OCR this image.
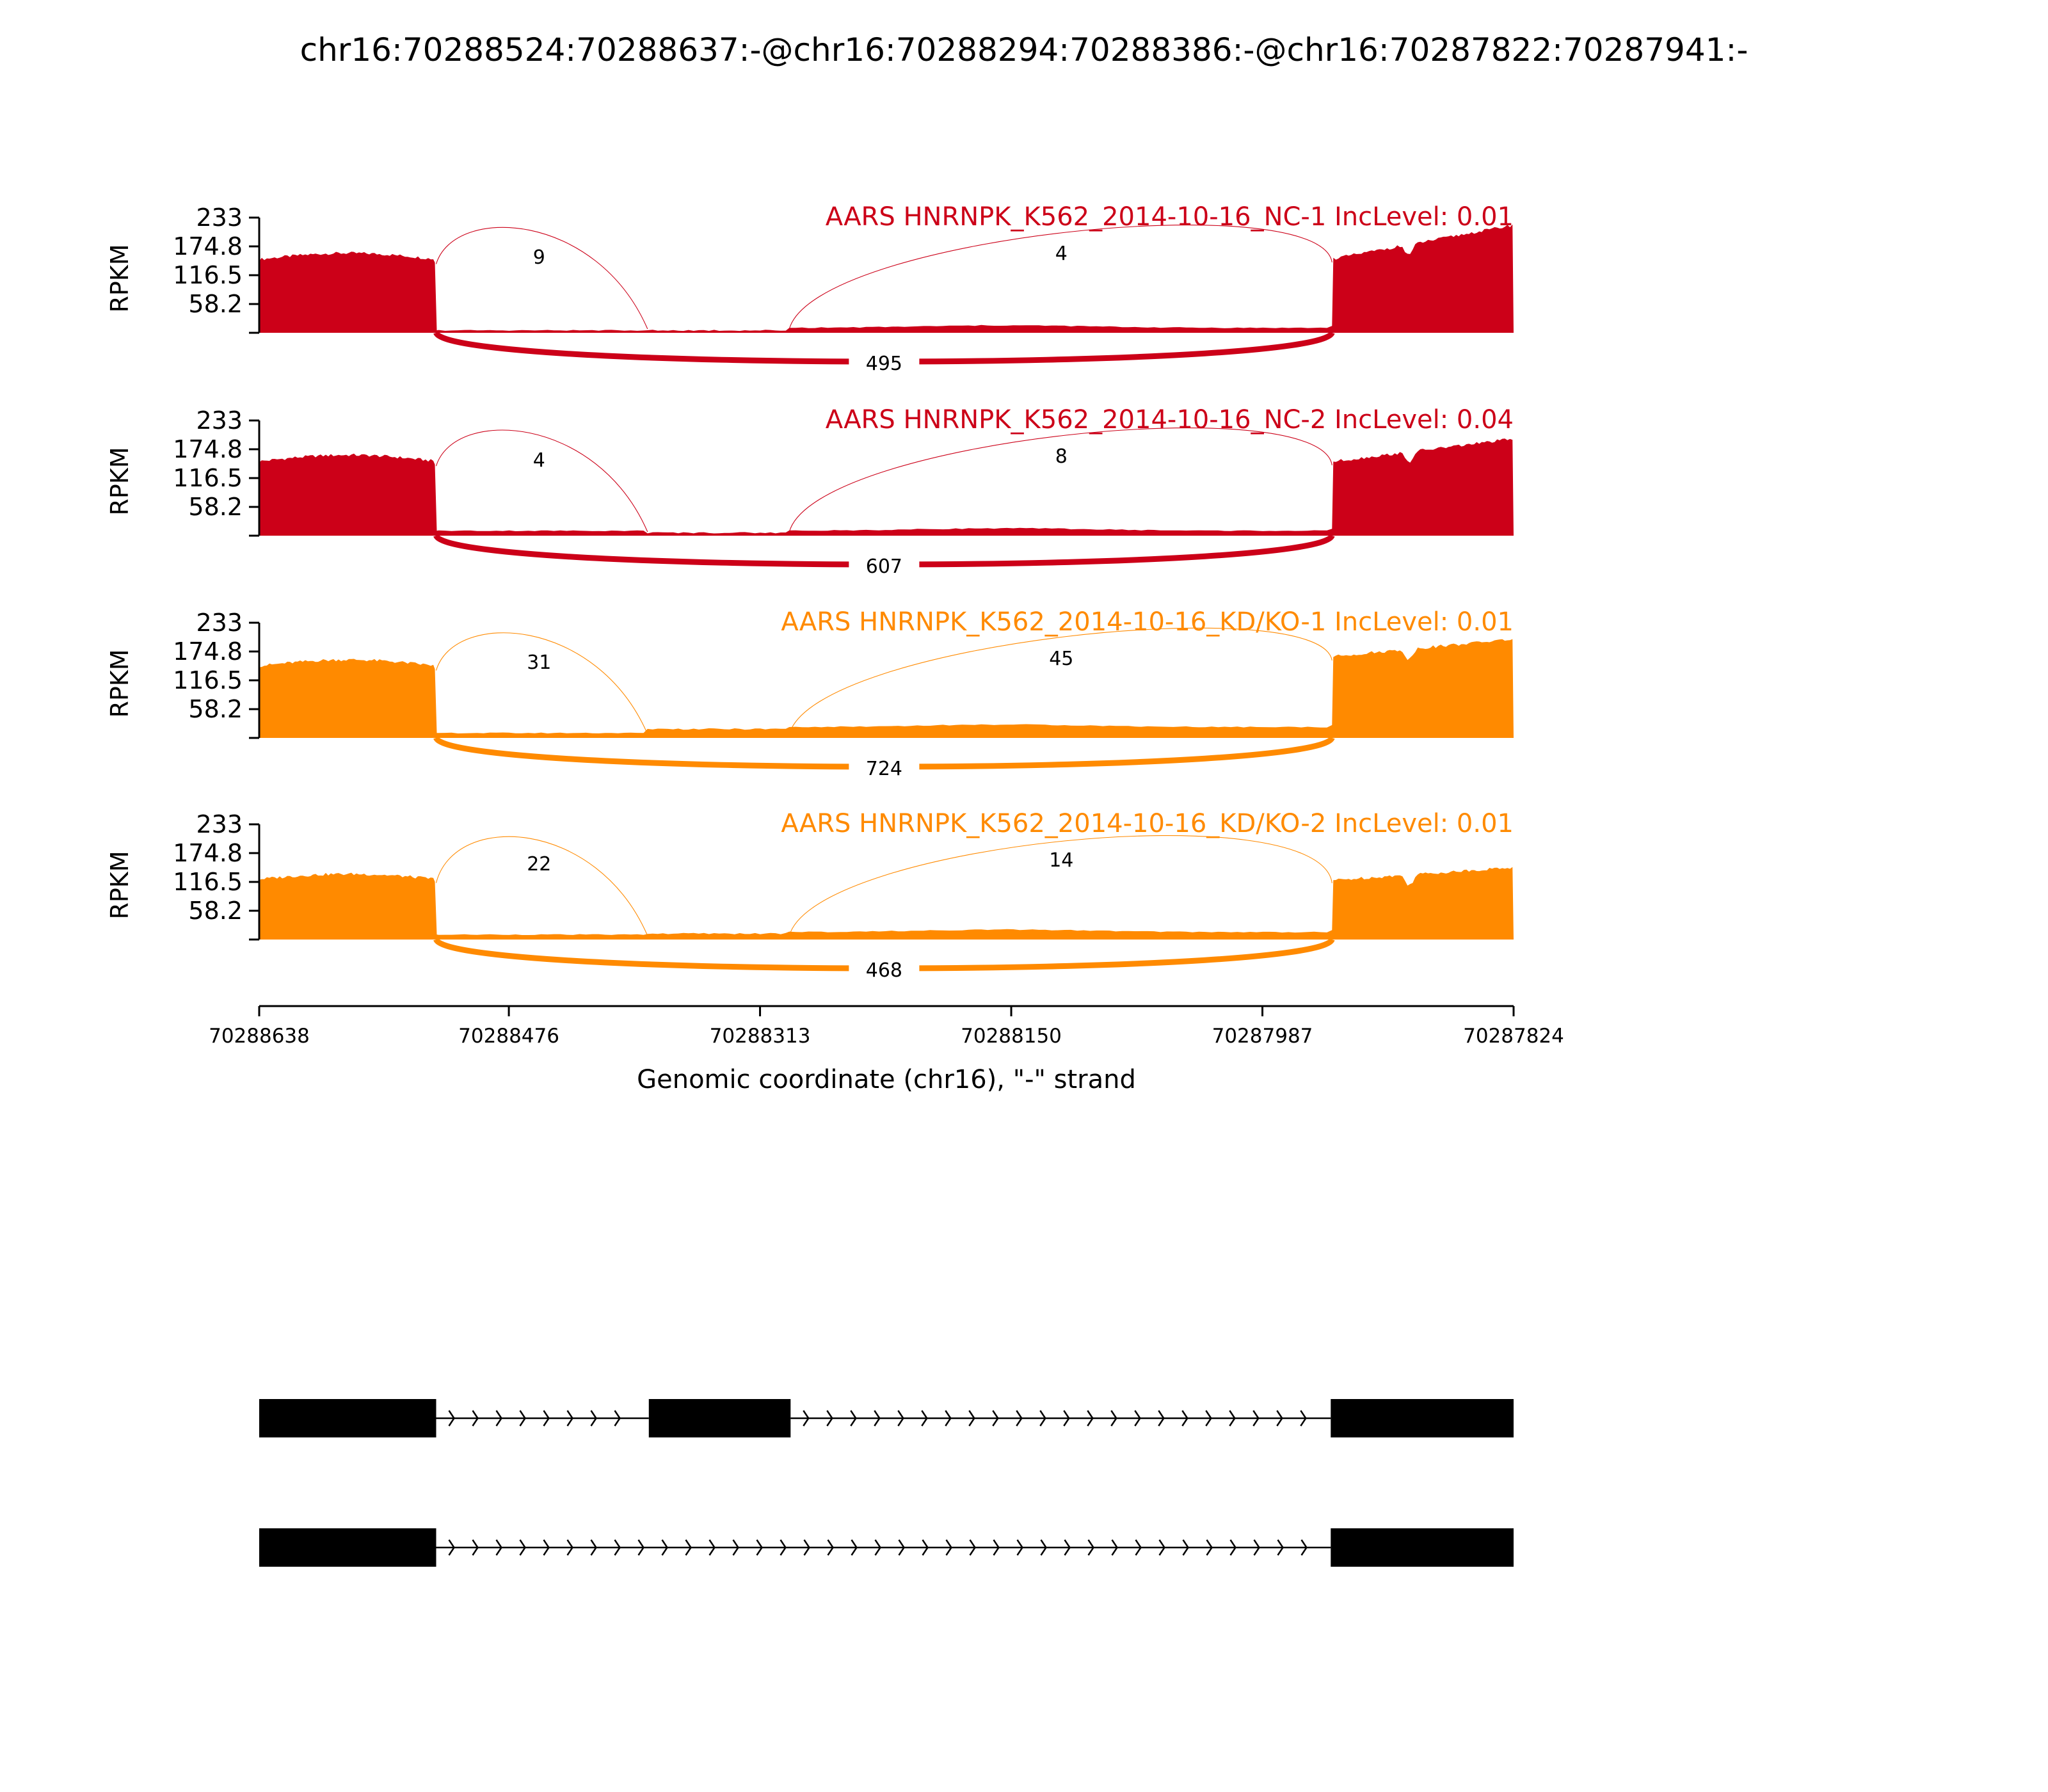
chr16:70288524:70288637:-@chr16:70288294:70288386:-@chr16:70287822:70287941:-
58.2
116.5
174.8
233
RPKM
AARS HNRNPK_K562_2014-10-16_NC-1 IncLevel: 0.01
9	4
495
58.2
116.5
174.8
233
RPKM
AARS HNRNPK_K562_2014-10-16_NC-2 IncLevel: 0.04
4	8
607
58.2
116.5
174.8
233
RPKM
AARS HNRNPK_K562_2014-10-16_KD/KO-1 IncLevel: 0.01
31	45
724
58.2
116.5
174.8
233
RPKM
AARS HNRNPK_K562_2014-10-16_KD/KO-2 IncLevel: 0.01
22	14
468
70288638	70288476	70288313	70288150	70287987	70287824
Genomic coordinate (chr16), "-" strand
